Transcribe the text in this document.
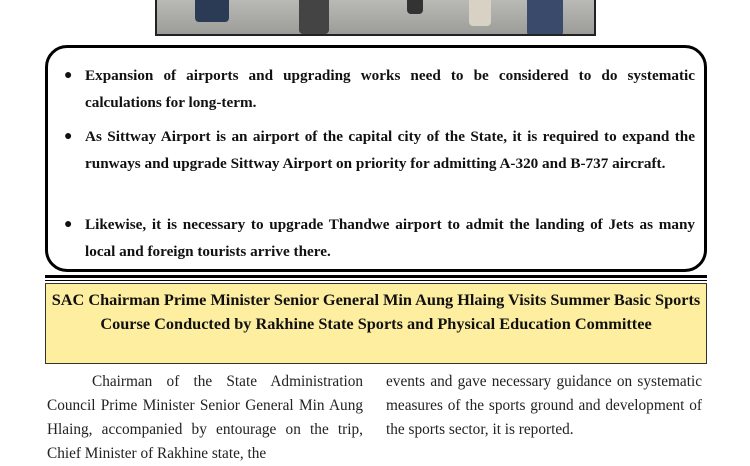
● Expansion of airports and upgrading works need to be considered to do systematic calculations for long-term.
● As Sittway Airport is an airport of the capital city of the State, it is required to expand the runways and upgrade Sittway Airport on priority for admitting A-320 and B-737 aircraft.
● Likewise, it is necessary to upgrade Thandwe airport to admit the landing of Jets as many local and foreign tourists arrive there.
SAC Chairman Prime Minister Senior General Min Aung Hlaing Visits Summer Basic Sports Course Conducted by Rakhine State Sports and Physical Education Committee
Chairman of the State Administration Council Prime Minister Senior General Min Aung Hlaing, accompanied by entourage on the trip, Chief Minister of Rakhine state, the
events and gave necessary guidance on systematic measures of the sports ground and development of the sports sector, it is reported.
